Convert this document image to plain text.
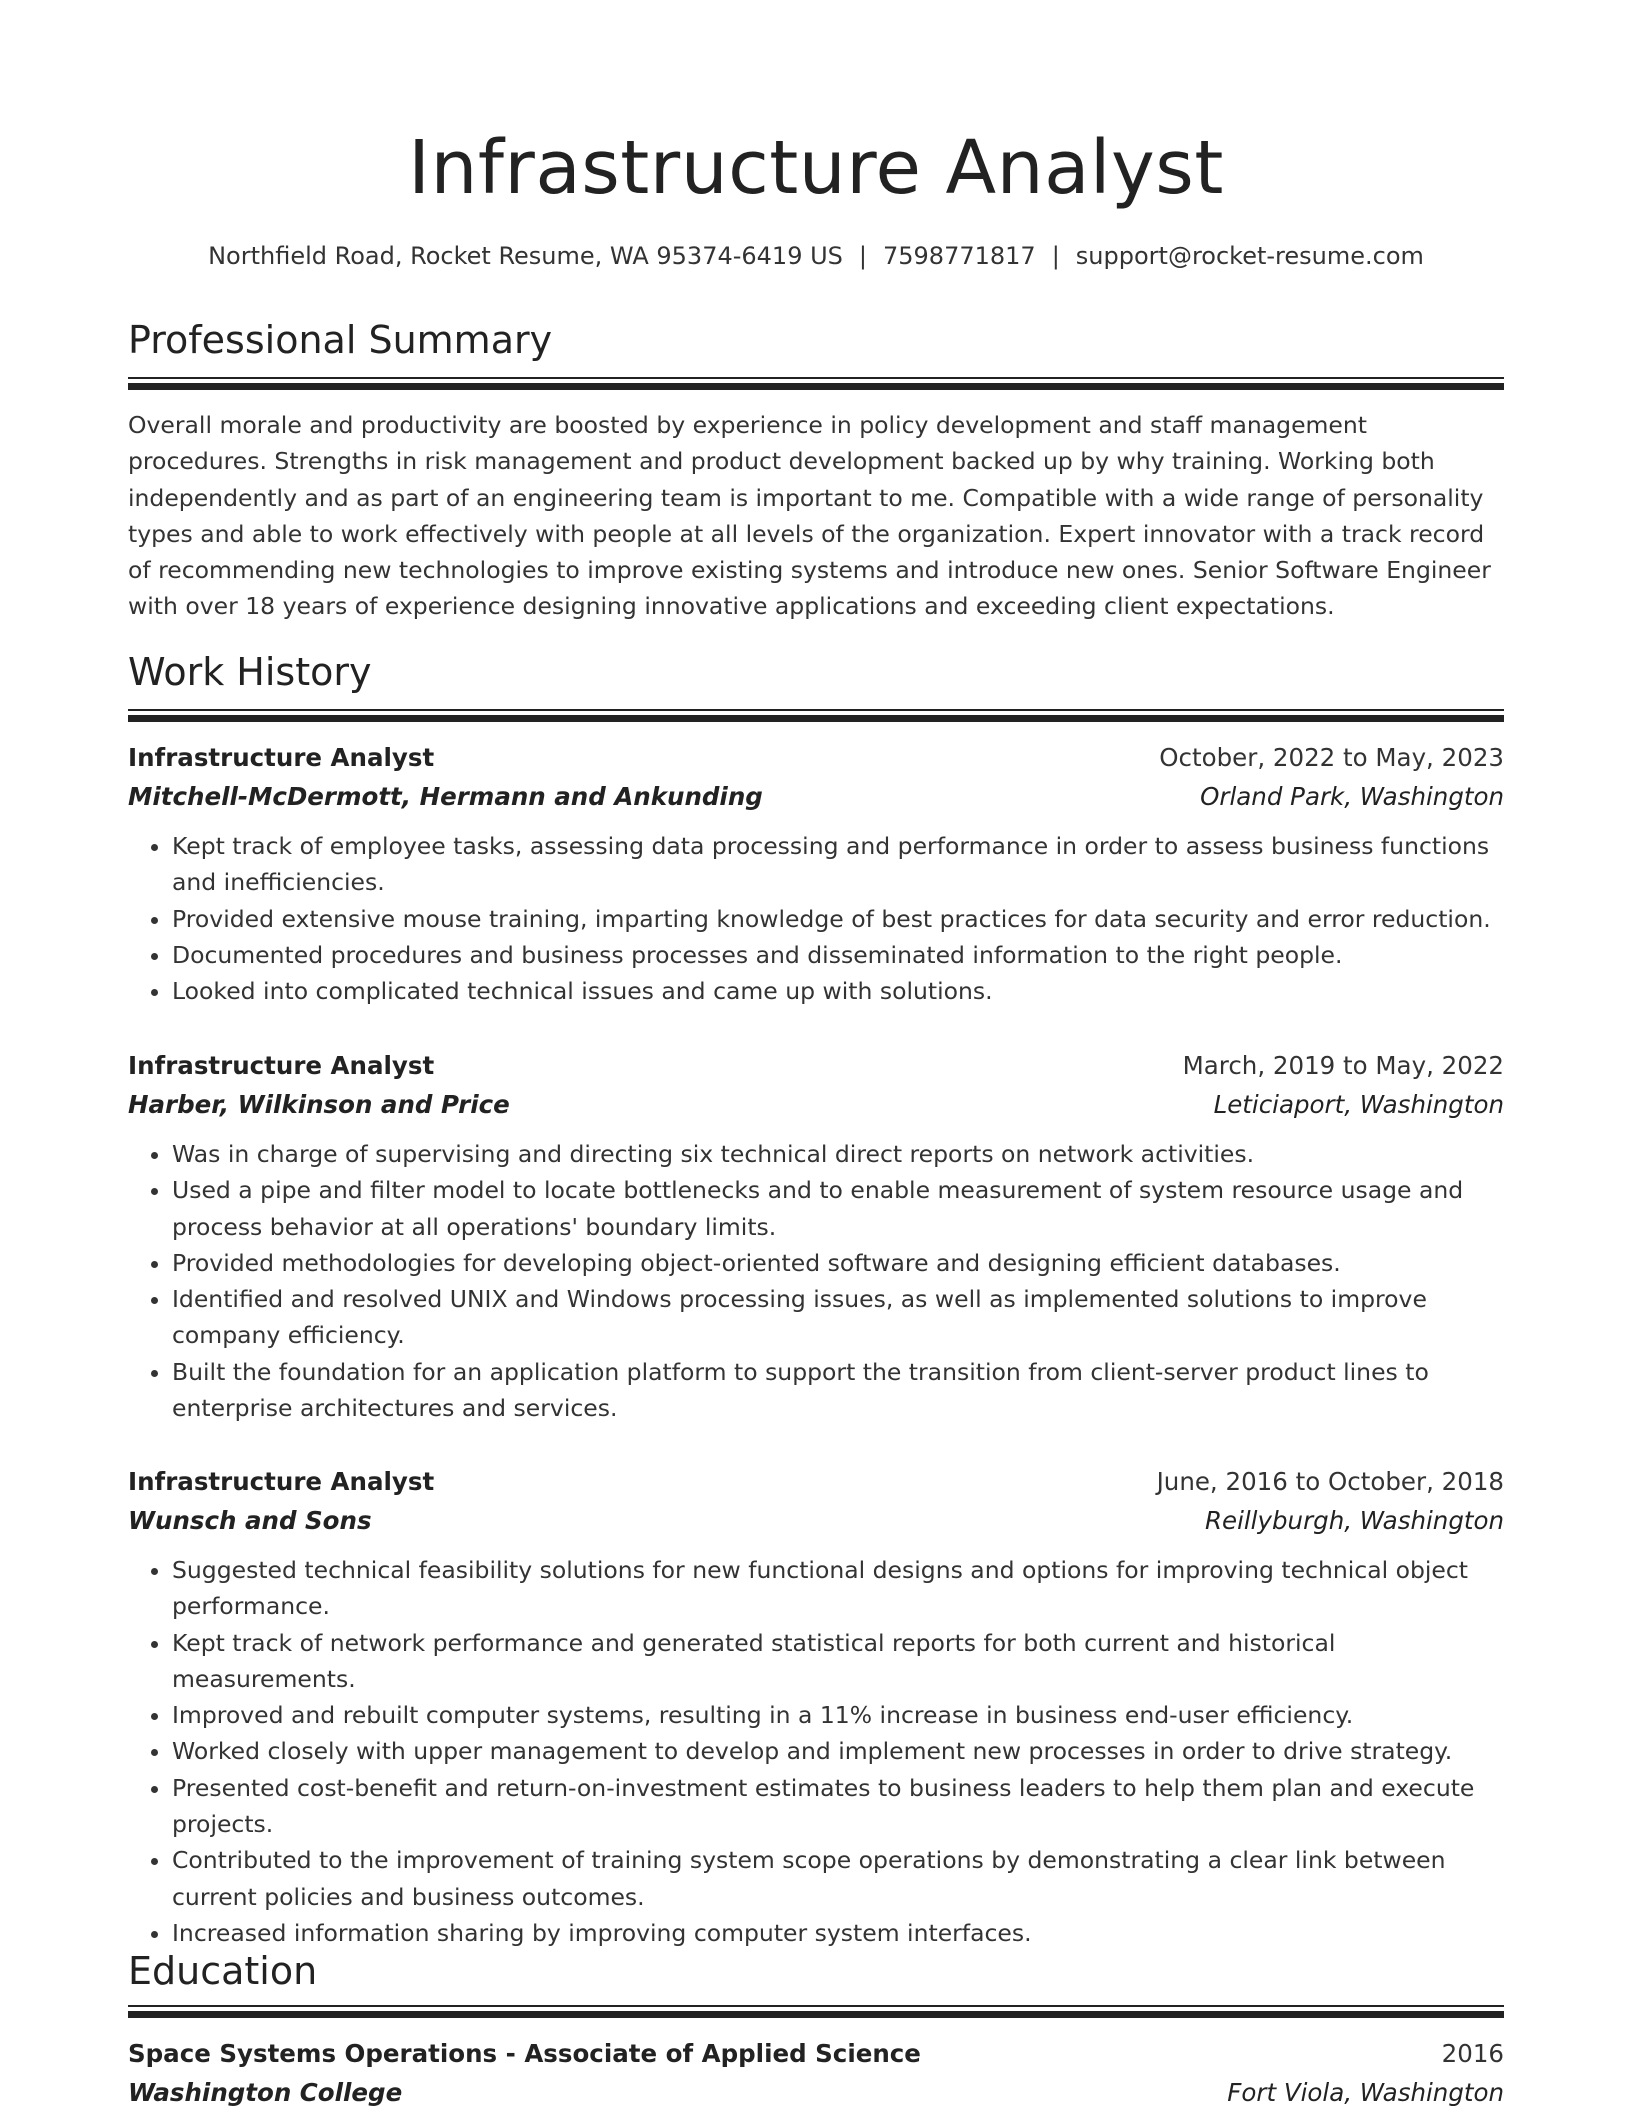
Infrastructure Analyst
Northfield Road, Rocket Resume, WA 95374-6419 US | 7598771817 | support@rocket-resume.com
Professional Summary

Overall morale and productivity are boosted by experience in policy development and staff management procedures. Strengths in risk management and product development backed up by why training. Working both independently and as part of an engineering team is important to me. Compatible with a wide range of personality types and able to work effectively with people at all levels of the organization. Expert innovator with a track record of recommending new technologies to improve existing systems and introduce new ones. Senior Software Engineer with over 18 years of experience designing innovative applications and exceeding client expectations.

Work History
Infrastructure Analyst	October, 2022 to May, 2023
Mitchell-McDermott, Hermann and Ankunding	Orland Park, Washington
• Kept track of employee tasks, assessing data processing and performance in order to assess business functions and inefficiencies.
• Provided extensive mouse training, imparting knowledge of best practices for data security and error reduction.
• Documented procedures and business processes and disseminated information to the right people.
• Looked into complicated technical issues and came up with solutions.
Infrastructure Analyst	March, 2019 to May, 2022
Harber, Wilkinson and Price	Leticiaport, Washington
• Was in charge of supervising and directing six technical direct reports on network activities.
• Used a pipe and filter model to locate bottlenecks and to enable measurement of system resource usage and process behavior at all operations' boundary limits.
• Provided methodologies for developing object-oriented software and designing efficient databases.
• Identified and resolved UNIX and Windows processing issues, as well as implemented solutions to improve company efficiency.
• Built the foundation for an application platform to support the transition from client-server product lines to enterprise architectures and services.
Infrastructure Analyst	June, 2016 to October, 2018
Wunsch and Sons	Reillyburgh, Washington
• Suggested technical feasibility solutions for new functional designs and options for improving technical object performance.
• Kept track of network performance and generated statistical reports for both current and historical measurements.
• Improved and rebuilt computer systems, resulting in a 11% increase in business end-user efficiency.
• Worked closely with upper management to develop and implement new processes in order to drive strategy.
• Presented cost-benefit and return-on-investment estimates to business leaders to help them plan and execute projects.
• Contributed to the improvement of training system scope operations by demonstrating a clear link between current policies and business outcomes.
• Increased information sharing by improving computer system interfaces.
Education
Space Systems Operations - Associate of Applied Science	2016
Washington College	Fort Viola, Washington
